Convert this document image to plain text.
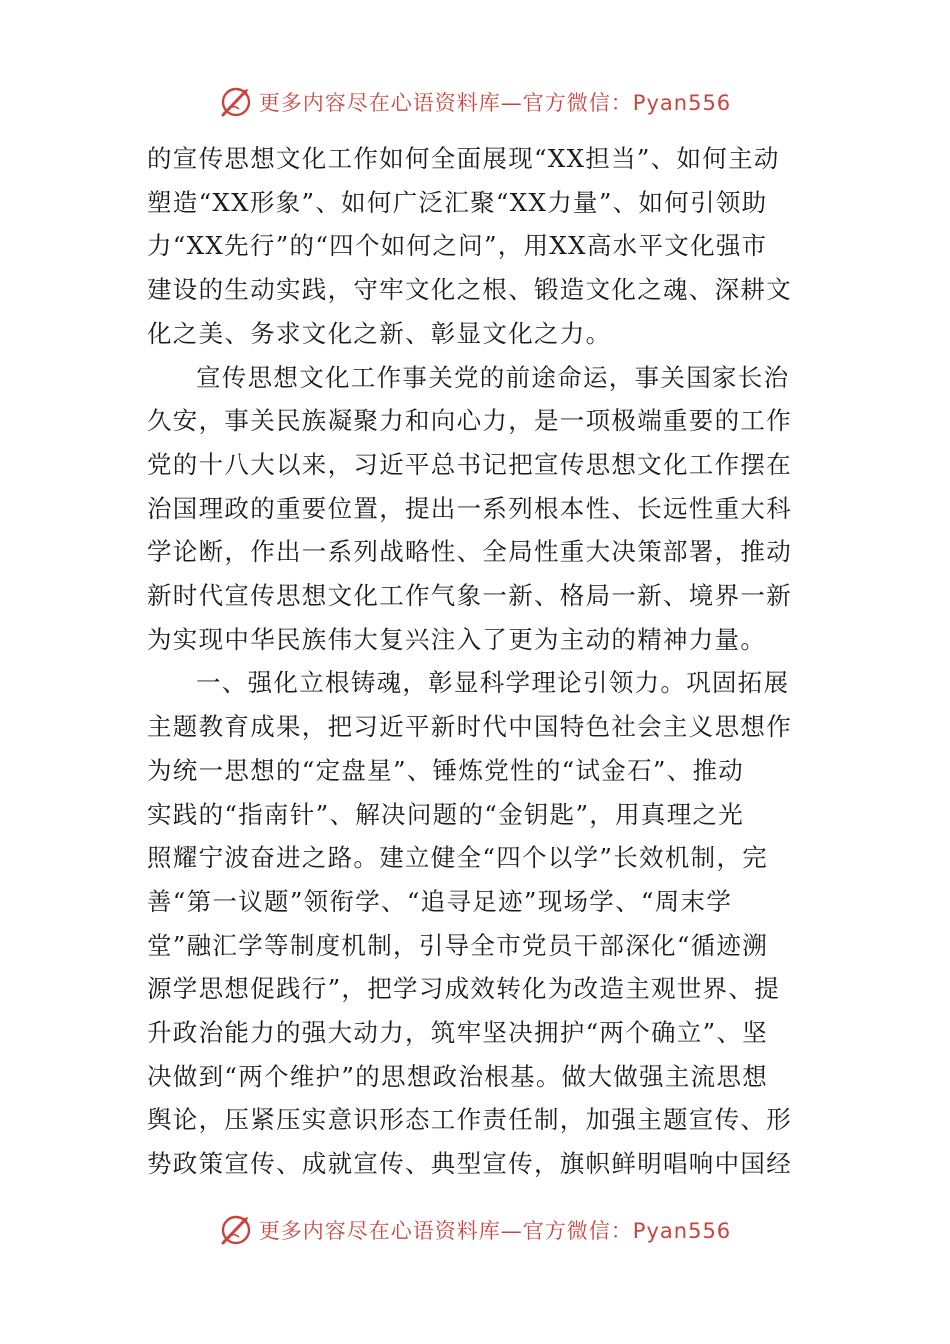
更多内容尽在心语资料库—官方微信：Pyan556
的宣传思想文化工作如何全面展现“XX担当”、如何主动
塑造“XX形象”、如何广泛汇聚“XX力量”、如何引领助
力“XX先行”的“四个如何之问”，用XX高水平文化强市
建设的生动实践，守牢文化之根、锻造文化之魂、深耕文
化之美、务求文化之新、彰显文化之力。
宣传思想文化工作事关党的前途命运，事关国家长治
久安，事关民族凝聚力和向心力，是一项极端重要的工作
党的十八大以来，习近平总书记把宣传思想文化工作摆在
治国理政的重要位置，提出一系列根本性、长远性重大科
学论断，作出一系列战略性、全局性重大决策部署，推动
新时代宣传思想文化工作气象一新、格局一新、境界一新
为实现中华民族伟大复兴注入了更为主动的精神力量。
一、强化立根铸魂，彰显科学理论引领力。巩固拓展
主题教育成果，把习近平新时代中国特色社会主义思想作
为统一思想的“定盘星”、锤炼党性的“试金石”、推动
实践的“指南针”、解决问题的“金钥匙”，用真理之光
照耀宁波奋进之路。建立健全“四个以学”长效机制，完
善“第一议题”领衔学、“追寻足迹”现场学、“周末学
堂”融汇学等制度机制，引导全市党员干部深化“循迹溯
源学思想促践行”，把学习成效转化为改造主观世界、提
升政治能力的强大动力，筑牢坚决拥护“两个确立”、坚
决做到“两个维护”的思想政治根基。做大做强主流思想
舆论，压紧压实意识形态工作责任制，加强主题宣传、形
势政策宣传、成就宣传、典型宣传，旗帜鲜明唱响中国经
更多内容尽在心语资料库—官方微信：Pyan556
